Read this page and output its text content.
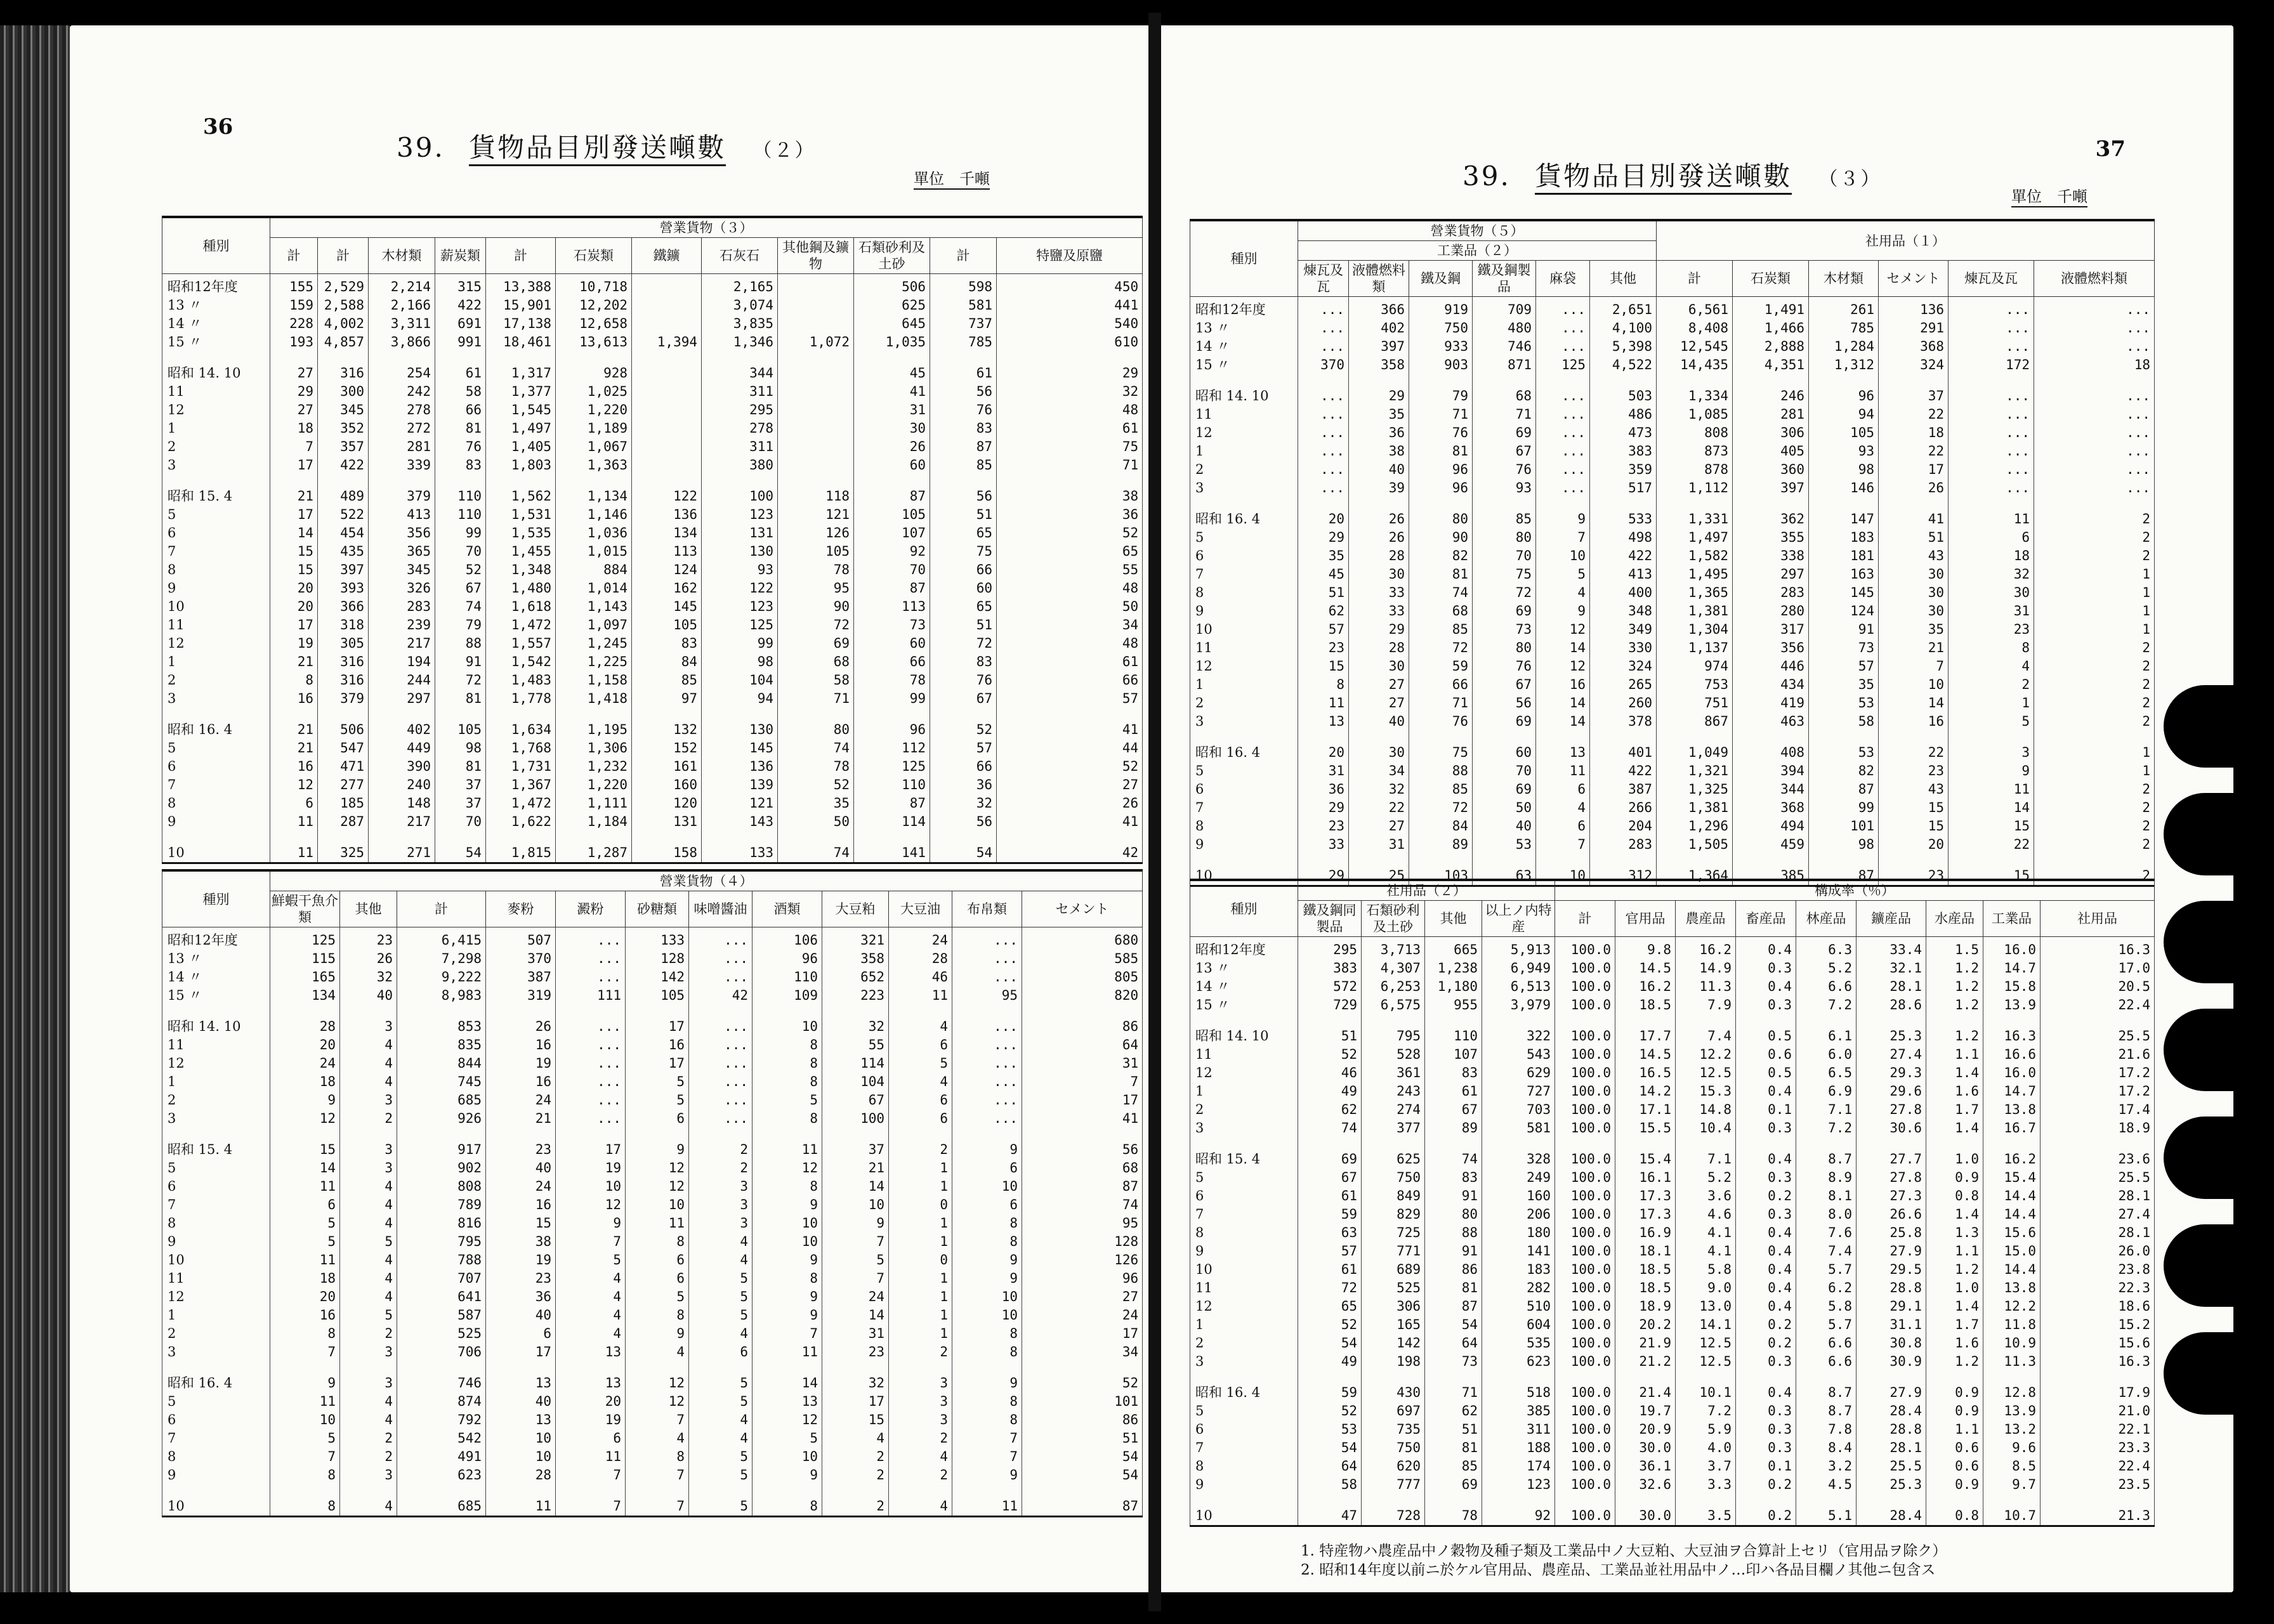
36
39. 貨物品目別發送噸數 （２）
單位　千噸
種別	營業貨物（３）											
	計	計	木材類	薪炭類	計	石炭類	鐵鑛	石灰石	其他鋼及鑛物	石類砂利及土砂	計	特鹽及原鹽
昭和12年度	155	2,529	2,214	315	13,388	10,718		2,165		506	598	450
13 〃	159	2,588	2,166	422	15,901	12,202		3,074		625	581	441
14 〃	228	4,002	3,311	691	17,138	12,658		3,835		645	737	540
15 〃	193	4,857	3,866	991	18,461	13,613	1,394	1,346	1,072	1,035	785	610

昭和 14. 10	27	316	254	61	1,317	928		344		45	61	29
11	29	300	242	58	1,377	1,025		311		41	56	32
12	27	345	278	66	1,545	1,220		295		31	76	48
1	18	352	272	81	1,497	1,189		278		30	83	61
2	7	357	281	76	1,405	1,067		311		26	87	75
3	17	422	339	83	1,803	1,363		380		60	85	71

昭和 15. 4	21	489	379	110	1,562	1,134	122	100	118	87	56	38
5	17	522	413	110	1,531	1,146	136	123	121	105	51	36
6	14	454	356	99	1,535	1,036	134	131	126	107	65	52
7	15	435	365	70	1,455	1,015	113	130	105	92	75	65
8	15	397	345	52	1,348	884	124	93	78	70	66	55
9	20	393	326	67	1,480	1,014	162	122	95	87	60	48
10	20	366	283	74	1,618	1,143	145	123	90	113	65	50
11	17	318	239	79	1,472	1,097	105	125	72	73	51	34
12	19	305	217	88	1,557	1,245	83	99	69	60	72	48
1	21	316	194	91	1,542	1,225	84	98	68	66	83	61
2	8	316	244	72	1,483	1,158	85	104	58	78	76	66
3	16	379	297	81	1,778	1,418	97	94	71	99	67	57

昭和 16. 4	21	506	402	105	1,634	1,195	132	130	80	96	52	41
5	21	547	449	98	1,768	1,306	152	145	74	112	57	44
6	16	471	390	81	1,731	1,232	161	136	78	125	66	52
7	12	277	240	37	1,367	1,220	160	139	52	110	36	27
8	6	185	148	37	1,472	1,111	120	121	35	87	32	26
9	11	287	217	70	1,622	1,184	131	143	50	114	56	41

10	11	325	271	54	1,815	1,287	158	133	74	141	54	42
種別	營業貨物（４）											
	鮮蝦干魚介類	其他	計	麥粉	澱粉	砂糖類	味噌醬油	酒類	大豆粕	大豆油	布帛類	セメント
昭和12年度	125	23	6,415	507	...	133	...	106	321	24	...	680
13 〃	115	26	7,298	370	...	128	...	96	358	28	...	585
14 〃	165	32	9,222	387	...	142	...	110	652	46	...	805
15 〃	134	40	8,983	319	111	105	42	109	223	11	95	820

昭和 14. 10	28	3	853	26	...	17	...	10	32	4	...	86
11	20	4	835	16	...	16	...	8	55	6	...	64
12	24	4	844	19	...	17	...	8	114	5	...	31
1	18	4	745	16	...	5	...	8	104	4	...	7
2	9	3	685	24	...	5	...	5	67	6	...	17
3	12	2	926	21	...	6	...	8	100	6	...	41

昭和 15. 4	15	3	917	23	17	9	2	11	37	2	9	56
5	14	3	902	40	19	12	2	12	21	1	6	68
6	11	4	808	24	10	12	3	8	14	1	10	87
7	6	4	789	16	12	10	3	9	10	0	6	74
8	5	4	816	15	9	11	3	10	9	1	8	95
9	5	5	795	38	7	8	4	10	7	1	8	128
10	11	4	788	19	5	6	4	9	5	0	9	126
11	18	4	707	23	4	6	5	8	7	1	9	96
12	20	4	641	36	4	5	5	9	24	1	10	27
1	16	5	587	40	4	8	5	9	14	1	10	24
2	8	2	525	6	4	9	4	7	31	1	8	17
3	7	3	706	17	13	4	6	11	23	2	8	34

昭和 16. 4	9	3	746	13	13	12	5	14	32	3	9	52
5	11	4	874	40	20	12	5	13	17	3	8	101
6	10	4	792	13	19	7	4	12	15	3	8	86
7	5	2	542	10	6	4	4	5	4	2	7	51
8	7	2	491	10	11	8	5	10	2	4	7	54
9	8	3	623	28	7	7	5	9	2	2	9	54

10	8	4	685	11	7	7	5	8	2	4	11	87
37
39. 貨物品目別發送噸數 （３）
單位　千噸
種別	營業貨物（５）						社用品（１）					
	工業品（２）											
	煉瓦及瓦	液體燃料類	鐵及鋼	鐵及鋼製品	麻袋	其他	計	石炭類	木材類	セメント	煉瓦及瓦	液體燃料類
昭和12年度	...	366	919	709	...	2,651	6,561	1,491	261	136	...	...
13 〃	...	402	750	480	...	4,100	8,408	1,466	785	291	...	...
14 〃	...	397	933	746	...	5,398	12,545	2,888	1,284	368	...	...
15 〃	370	358	903	871	125	4,522	14,435	4,351	1,312	324	172	18

昭和 14. 10	...	29	79	68	...	503	1,334	246	96	37	...	...
11	...	35	71	71	...	486	1,085	281	94	22	...	...
12	...	36	76	69	...	473	808	306	105	18	...	...
1	...	38	81	67	...	383	873	405	93	22	...	...
2	...	40	96	76	...	359	878	360	98	17	...	...
3	...	39	96	93	...	517	1,112	397	146	26	...	...

昭和 16. 4	20	26	80	85	9	533	1,331	362	147	41	11	2
5	29	26	90	80	7	498	1,497	355	183	51	6	2
6	35	28	82	70	10	422	1,582	338	181	43	18	2
7	45	30	81	75	5	413	1,495	297	163	30	32	1
8	51	33	74	72	4	400	1,365	283	145	30	30	1
9	62	33	68	69	9	348	1,381	280	124	30	31	1
10	57	29	85	73	12	349	1,304	317	91	35	23	1
11	23	28	72	80	14	330	1,137	356	73	21	8	2
12	15	30	59	76	12	324	974	446	57	7	4	2
1	8	27	66	67	16	265	753	434	35	10	2	2
2	11	27	71	56	14	260	751	419	53	14	1	2
3	13	40	76	69	14	378	867	463	58	16	5	2

昭和 16. 4	20	30	75	60	13	401	1,049	408	53	22	3	1
5	31	34	88	70	11	422	1,321	394	82	23	9	1
6	36	32	85	69	6	387	1,325	344	87	43	11	2
7	29	22	72	50	4	266	1,381	368	99	15	14	2
8	23	27	84	40	6	204	1,296	494	101	15	15	2
9	33	31	89	53	7	283	1,505	459	98	20	22	2

10	29	25	103	63	10	312	1,364	385	87	23	15	2
種別	社用品（２）				構成率（％）								
	鐵及鋼同製品	石類砂利及土砂	其他	以上ノ内特産	計	官用品	農産品	畜産品	林産品	鑛産品	水産品	工業品	社用品
昭和12年度	295	3,713	665	5,913	100.0	9.8	16.2	0.4	6.3	33.4	1.5	16.0	16.3
13 〃	383	4,307	1,238	6,949	100.0	14.5	14.9	0.3	5.2	32.1	1.2	14.7	17.0
14 〃	572	6,253	1,180	6,513	100.0	16.2	11.3	0.4	6.6	28.1	1.2	15.8	20.5
15 〃	729	6,575	955	3,979	100.0	18.5	7.9	0.3	7.2	28.6	1.2	13.9	22.4

昭和 14. 10	51	795	110	322	100.0	17.7	7.4	0.5	6.1	25.3	1.2	16.3	25.5
11	52	528	107	543	100.0	14.5	12.2	0.6	6.0	27.4	1.1	16.6	21.6
12	46	361	83	629	100.0	16.5	12.5	0.5	6.5	29.3	1.4	16.0	17.2
1	49	243	61	727	100.0	14.2	15.3	0.4	6.9	29.6	1.6	14.7	17.2
2	62	274	67	703	100.0	17.1	14.8	0.1	7.1	27.8	1.7	13.8	17.4
3	74	377	89	581	100.0	15.5	10.4	0.3	7.2	30.6	1.4	16.7	18.9

昭和 15. 4	69	625	74	328	100.0	15.4	7.1	0.4	8.7	27.7	1.0	16.2	23.6
5	67	750	83	249	100.0	16.1	5.2	0.3	8.9	27.8	0.9	15.4	25.5
6	61	849	91	160	100.0	17.3	3.6	0.2	8.1	27.3	0.8	14.4	28.1
7	59	829	80	206	100.0	17.3	4.6	0.3	8.0	26.6	1.4	14.4	27.4
8	63	725	88	180	100.0	16.9	4.1	0.4	7.6	25.8	1.3	15.6	28.1
9	57	771	91	141	100.0	18.1	4.1	0.4	7.4	27.9	1.1	15.0	26.0
10	61	689	86	183	100.0	18.5	5.8	0.4	5.7	29.5	1.2	14.4	23.8
11	72	525	81	282	100.0	18.5	9.0	0.4	6.2	28.8	1.0	13.8	22.3
12	65	306	87	510	100.0	18.9	13.0	0.4	5.8	29.1	1.4	12.2	18.6
1	52	165	54	604	100.0	20.2	14.1	0.2	5.7	31.1	1.7	11.8	15.2
2	54	142	64	535	100.0	21.9	12.5	0.2	6.6	30.8	1.6	10.9	15.6
3	49	198	73	623	100.0	21.2	12.5	0.3	6.6	30.9	1.2	11.3	16.3

昭和 16. 4	59	430	71	518	100.0	21.4	10.1	0.4	8.7	27.9	0.9	12.8	17.9
5	52	697	62	385	100.0	19.7	7.2	0.3	8.7	28.4	0.9	13.9	21.0
6	53	735	51	311	100.0	20.9	5.9	0.3	7.8	28.8	1.1	13.2	22.1
7	54	750	81	188	100.0	30.0	4.0	0.3	8.4	28.1	0.6	9.6	23.3
8	64	620	85	174	100.0	36.1	3.7	0.1	3.2	25.5	0.6	8.5	22.4
9	58	777	69	123	100.0	32.6	3.3	0.2	4.5	25.3	0.9	9.7	23.5

10	47	728	78	92	100.0	30.0	3.5	0.2	5.1	28.4	0.8	10.7	21.3
1. 特産物ハ農産品中ノ穀物及種子類及工業品中ノ大豆粕、大豆油ヲ合算計上セリ（官用品ヲ除ク）
2. 昭和14年度以前ニ於ケル官用品、農産品、工業品並社用品中ノ…印ハ各品目欄ノ其他ニ包含ス
